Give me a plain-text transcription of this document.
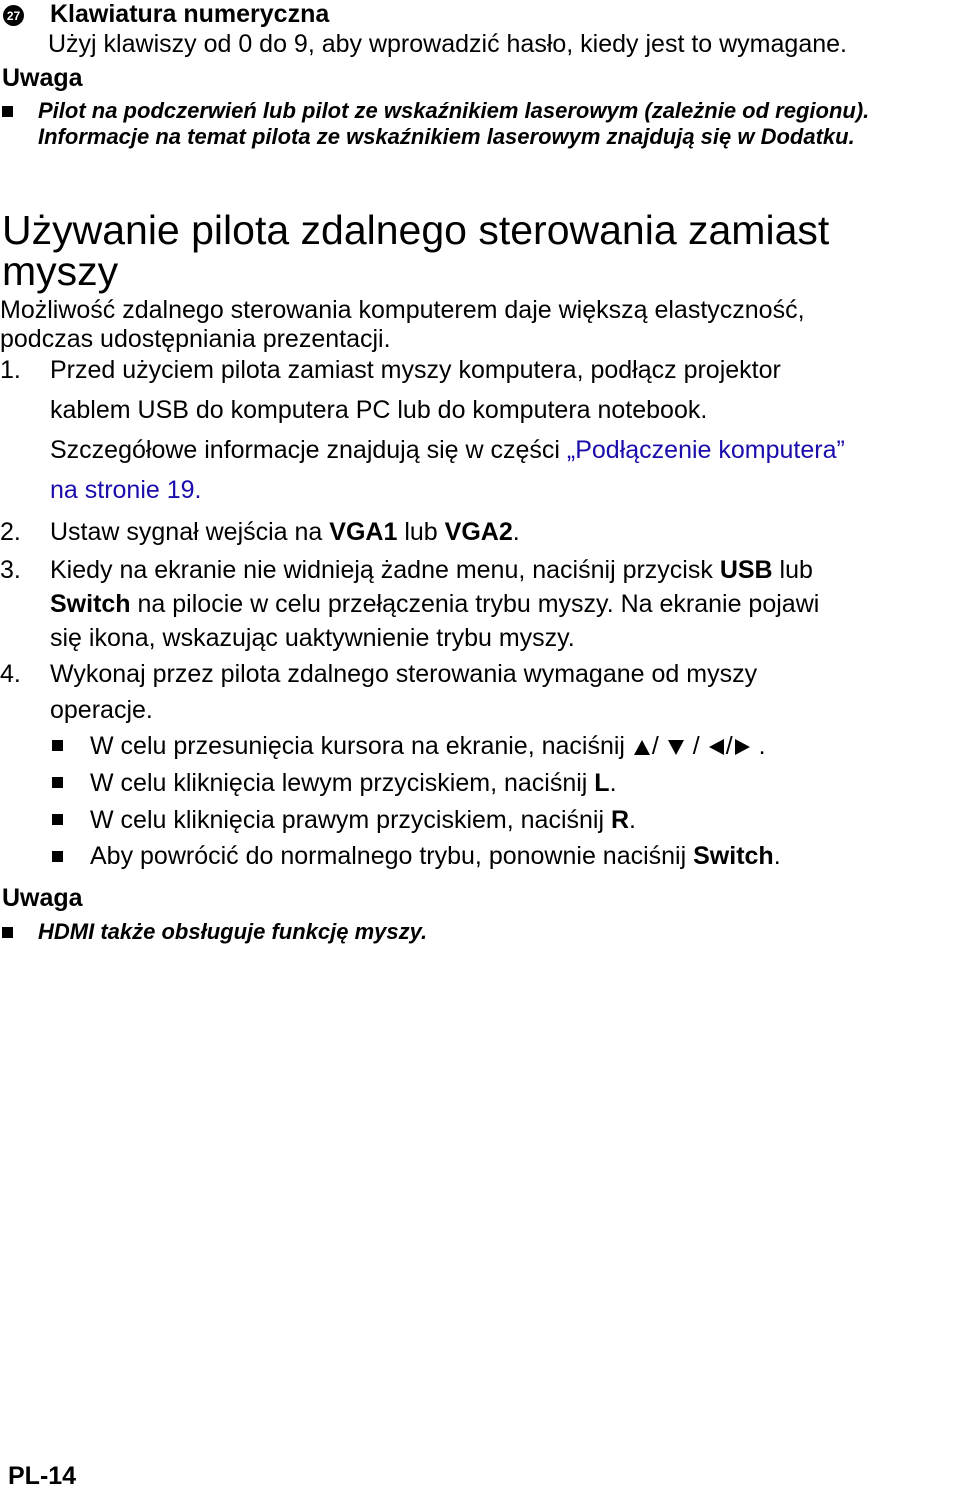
27 Klawiatura numeryczna
Użyj klawiszy od 0 do 9, aby wprowadzić hasło, kiedy jest to wymagane.
Uwaga
Pilot na podczerwień lub pilot ze wskaźnikiem laserowym (zależnie od regionu).
Informacje na temat pilota ze wskaźnikiem laserowym znajdują się w Dodatku.
Używanie pilota zdalnego sterowania zamiast
myszy
Możliwość zdalnego sterowania komputerem daje większą elastyczność,
podczas udostępniania prezentacji.
1. Przed użyciem pilota zamiast myszy komputera, podłącz projektor
kablem USB do komputera PC lub do komputera notebook.
Szczegółowe informacje znajdują się w części „Podłączenie komputera”
na stronie 19.
2. Ustaw sygnał wejścia na VGA1 lub VGA2.
3. Kiedy na ekranie nie widnieją żadne menu, naciśnij przycisk USB lub
Switch na pilocie w celu przełączenia trybu myszy. Na ekranie pojawi
się ikona, wskazując uaktywnienie trybu myszy.
4. Wykonaj przez pilota zdalnego sterowania wymagane od myszy
operacje.
W celu przesunięcia kursora na ekranie, naciśnij / / / .
W celu kliknięcia lewym przyciskiem, naciśnij L.
W celu kliknięcia prawym przyciskiem, naciśnij R.
Aby powrócić do normalnego trybu, ponownie naciśnij Switch.
Uwaga
HDMI także obsługuje funkcję myszy.
PL-14
